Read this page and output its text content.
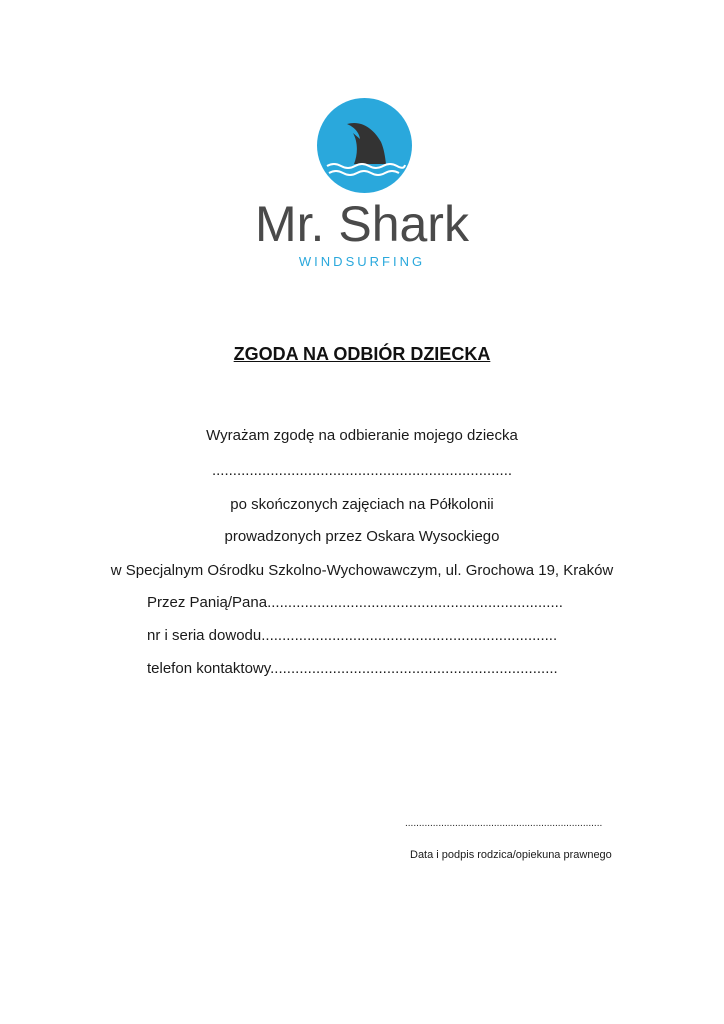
Mr. Shark
WINDSURFING
ZGODA NA ODBIÓR DZIECKA
Wyrażam zgodę na odbieranie mojego dziecka
........................................................................
po skończonych zajęciach na Półkolonii
prowadzonych przez Oskara Wysockiego
w Specjalnym Ośrodku Szkolno-Wychowawczym, ul. Grochowa 19, Kraków
Przez Panią/Pana.......................................................................
nr i seria dowodu.......................................................................
telefon kontaktowy.....................................................................
.......................................................................
Data i podpis rodzica/opiekuna prawnego
